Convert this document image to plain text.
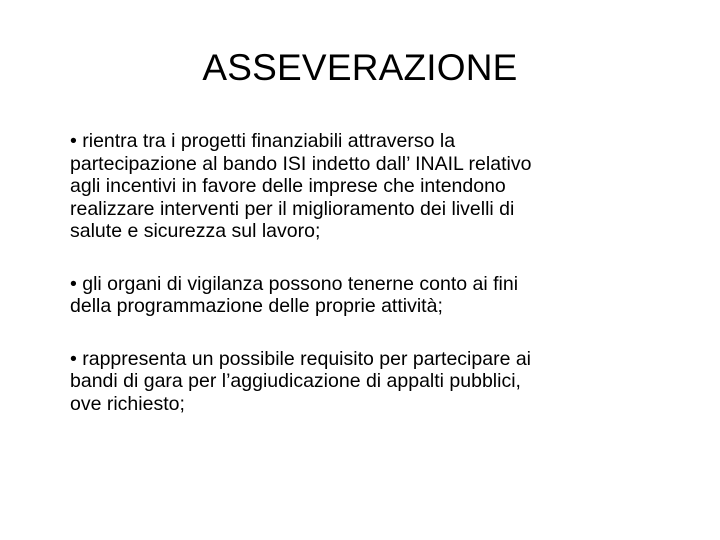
ASSEVERAZIONE
• rientra tra i progetti finanziabili attraverso la
partecipazione al bando ISI indetto dall’ INAIL relativo
agli incentivi in favore delle imprese che intendono
realizzare interventi per il miglioramento dei livelli di
salute e sicurezza sul lavoro;
• gli organi di vigilanza possono tenerne conto ai fini
della programmazione delle proprie attività;
• rappresenta un possibile requisito per partecipare ai
bandi di gara per l’aggiudicazione di appalti pubblici,
ove richiesto;
